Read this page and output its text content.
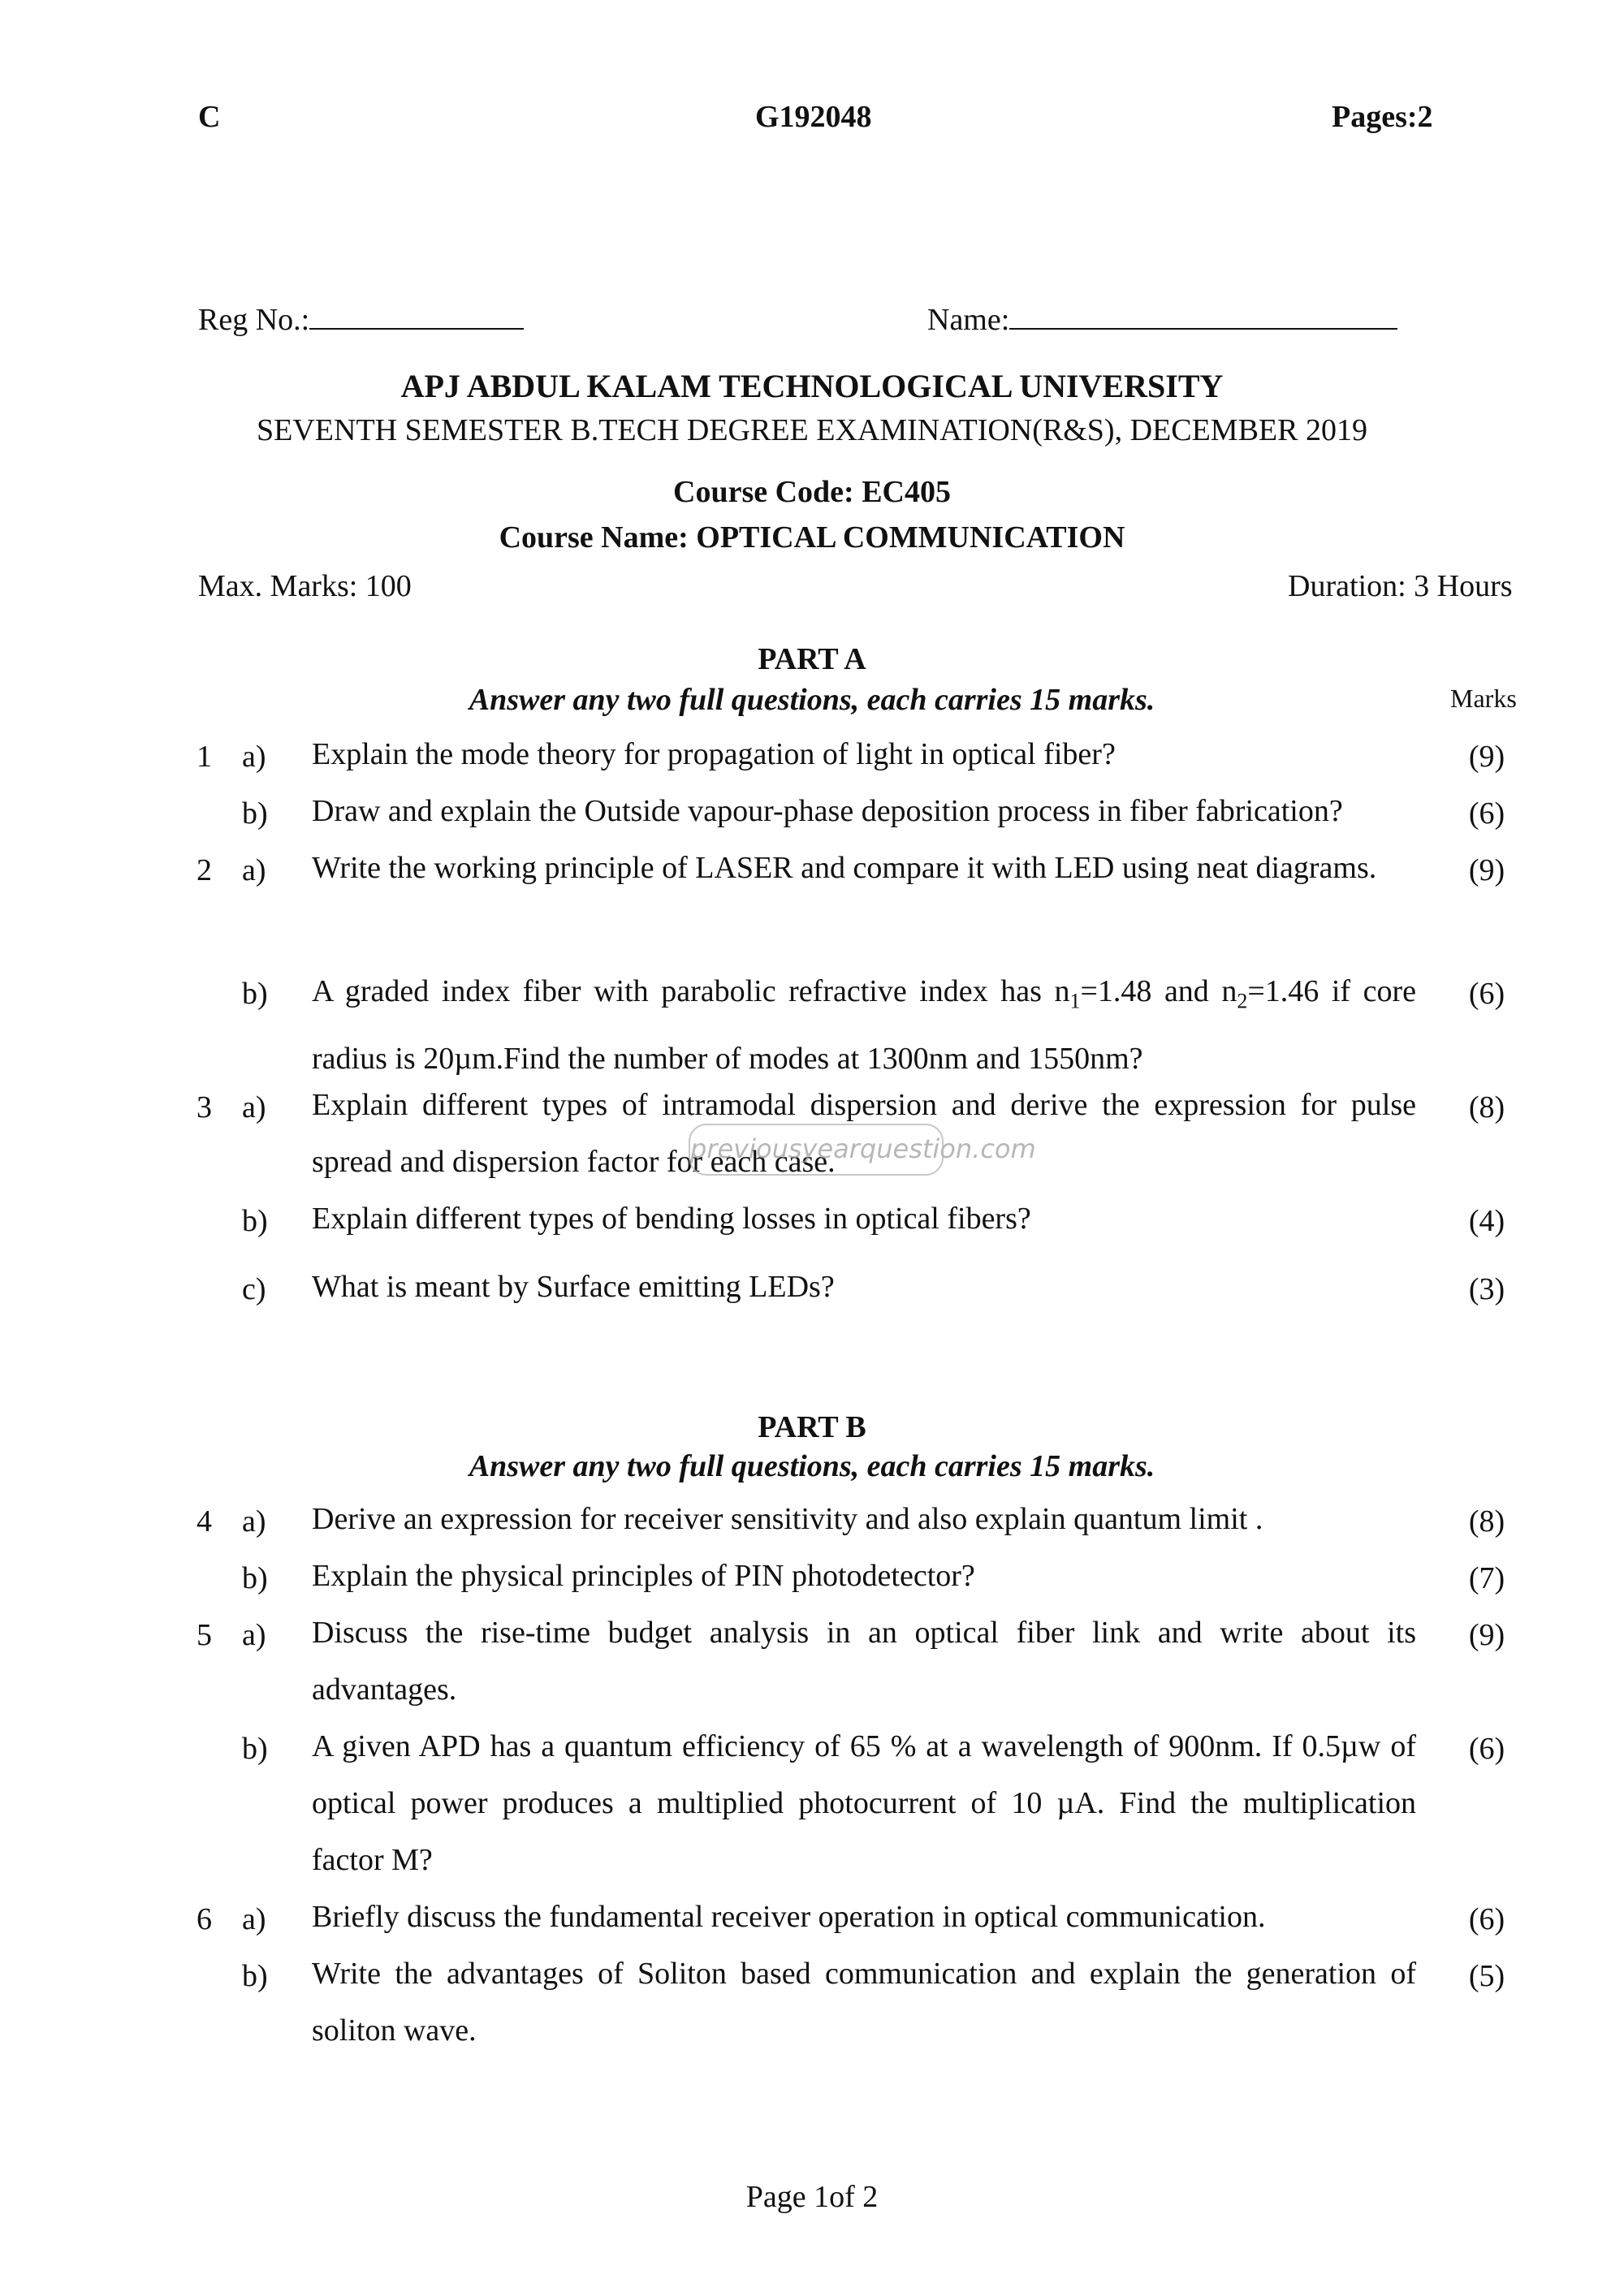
C	G192048	Pages:2
Reg No.:	Name:
APJ ABDUL KALAM TECHNOLOGICAL UNIVERSITY
SEVENTH SEMESTER B.TECH DEGREE EXAMINATION(R&S), DECEMBER 2019
Course Code: EC405
Course Name: OPTICAL COMMUNICATION
Max. Marks: 100	Duration: 3 Hours
PART A
Answer any two full questions, each carries 15 marks.	Marks
1 a) Explain the mode theory for propagation of light in optical fiber?	(9)
b) Draw and explain the Outside vapour-phase deposition process in fiber fabrication?	(6)
2 a) Write the working principle of LASER and compare it with LED using neat diagrams.	(9)
b) A graded index fiber with parabolic refractive index has $n_1=1.48$ and $n_2=1.46$ if core radius is 20µm.Find the number of modes at 1300nm and 1550nm?
(6)
3 a) Explain different types of intramodal dispersion and derive the expression for pulse spread and dispersion factor for each case.
(8)
previousyearquestion.com
b) Explain different types of bending losses in optical fibers?	(4)
c) What is meant by Surface emitting LEDs?	(3)
PART B
Answer any two full questions, each carries 15 marks.
4 a) Derive an expression for receiver sensitivity and also explain quantum limit .	(8)
b) Explain the physical principles of PIN photodetector?	(7)
5 a) Discuss the rise-time budget analysis in an optical fiber link and write about its advantages.
(9)
b) A given APD has a quantum efficiency of 65 % at a wavelength of 900nm. If 0.5µw of optical power produces a multiplied photocurrent of 10 µA. Find the multiplication factor M?
(6)
6 a) Briefly discuss the fundamental receiver operation in optical communication.	(6)
b) Write the advantages of Soliton based communication and explain the generation of soliton wave.
(5)
Page 1of 2
